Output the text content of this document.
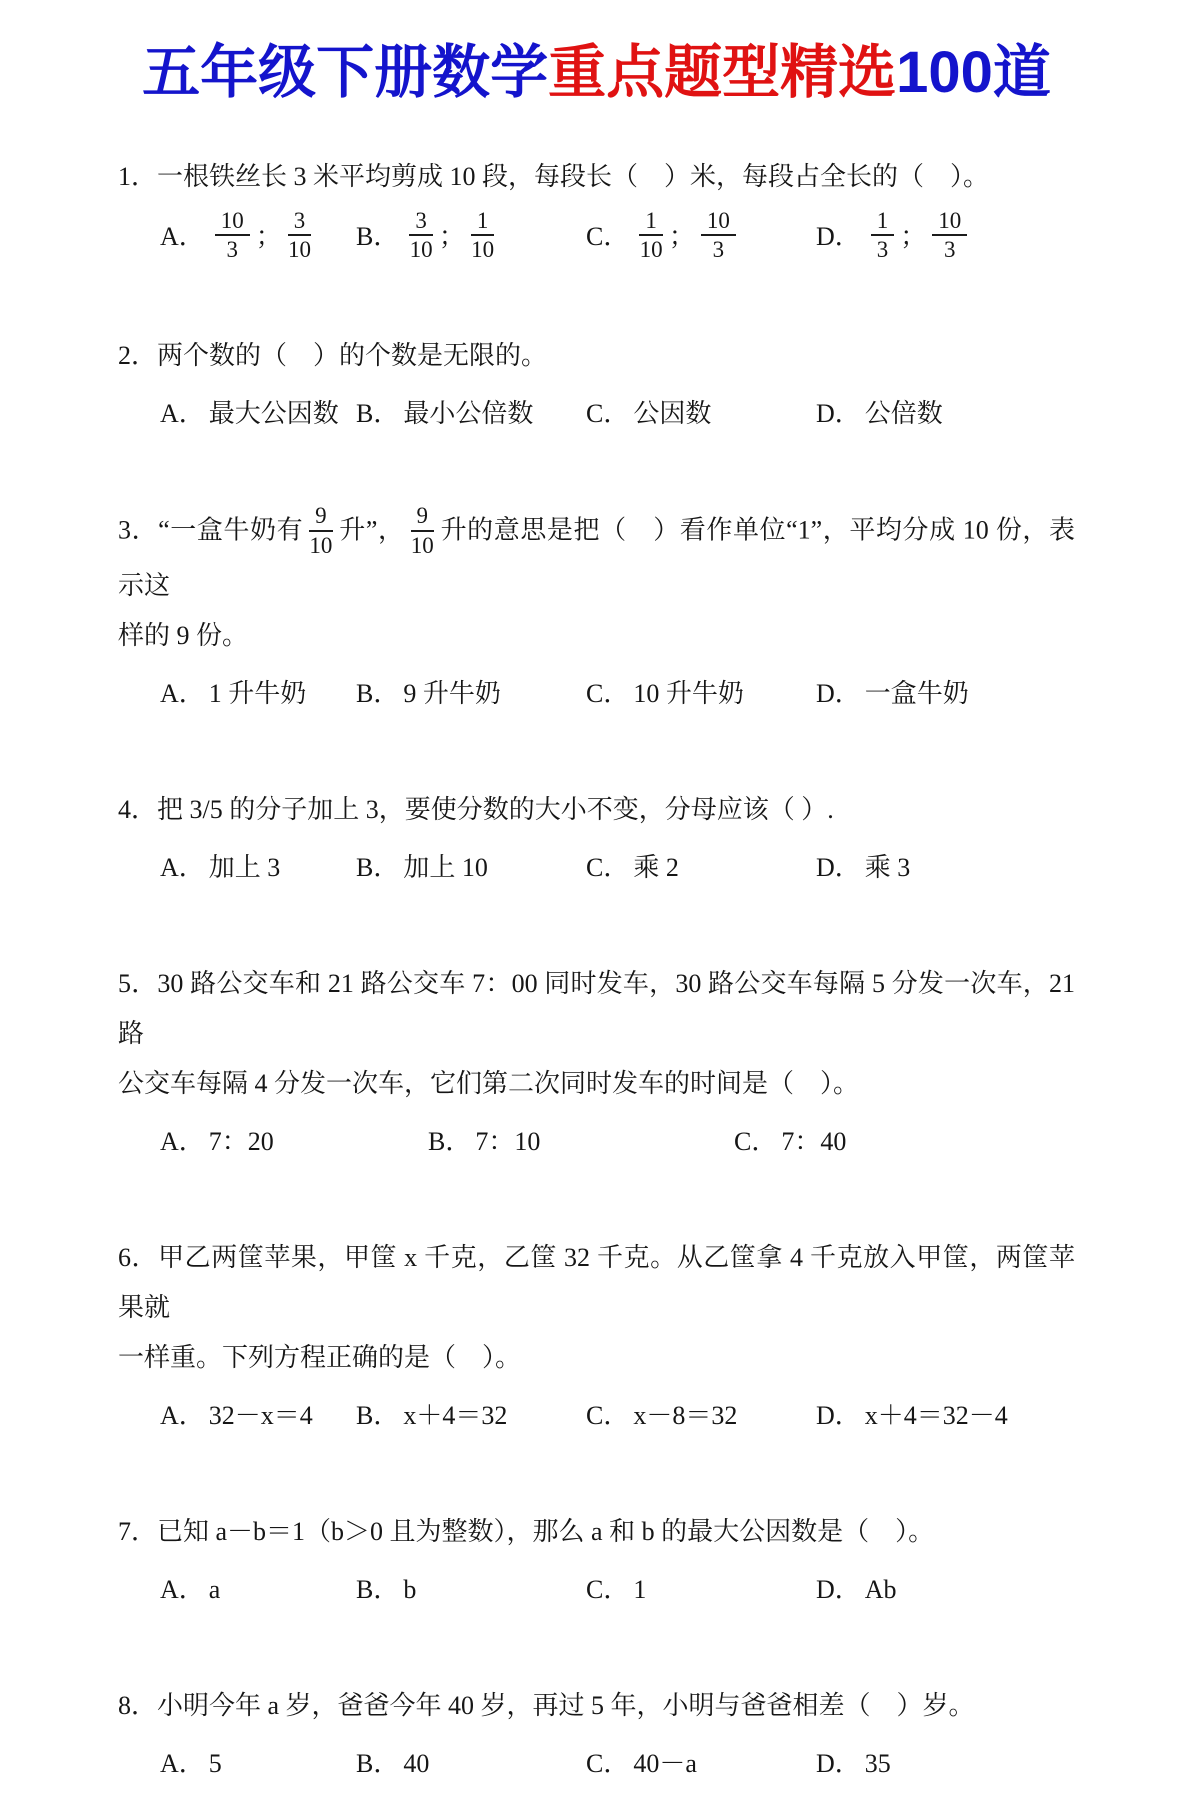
五年级下册数学重点题型精选100道
1．一根铁丝长 3 米平均剪成 10 段，每段长（　）米，每段占全长的（　）。
A． $\frac{10}{3}$ ； $\frac{3}{10}$ B． $\frac{3}{10}$ ； $\frac{1}{10}$	C． $\frac{1}{10}$ ； $\frac{10}{3}$	D． $\frac{1}{3}$ ； $\frac{10}{3}$
2．两个数的（　）的个数是无限的。
A． 最大公因数 B． 最小公倍数	C． 公因数	D． 公倍数
3．“一盒牛奶有 $\frac{9}{10}$ 升”， $\frac{9}{10}$ 升的意思是把（　）看作单位“1”，平均分成 10 份，表示这
样的 9 份。
A． 1 升牛奶	B． 9 升牛奶	C． 10 升牛奶	D． 一盒牛奶
4．把 3/5 的分子加上 3，要使分数的大小不变，分母应该（ ）.
A． 加上 3	B． 加上 10	C． 乘 2	D． 乘 3
5．30 路公交车和 21 路公交车 7：00 同时发车，30 路公交车每隔 5 分发一次车，21 路
公交车每隔 4 分发一次车，它们第二次同时发车的时间是（　）。
A． 7：20	B． 7：10	C． 7：40
6．甲乙两筐苹果，甲筐 x 千克，乙筐 32 千克。从乙筐拿 4 千克放入甲筐，两筐苹果就
一样重。下列方程正确的是（　）。
A． 32－x＝4	B． x＋4＝32	C． x－8＝32	D． x＋4＝32－4
7．已知 a－b＝1（b＞0 且为整数），那么 a 和 b 的最大公因数是（　）。
A． a	B． b	C． 1	D． Ab
8．小明今年 a 岁，爸爸今年 40 岁，再过 5 年，小明与爸爸相差（　）岁。
A． 5	B． 40	C． 40－a	D． 35
